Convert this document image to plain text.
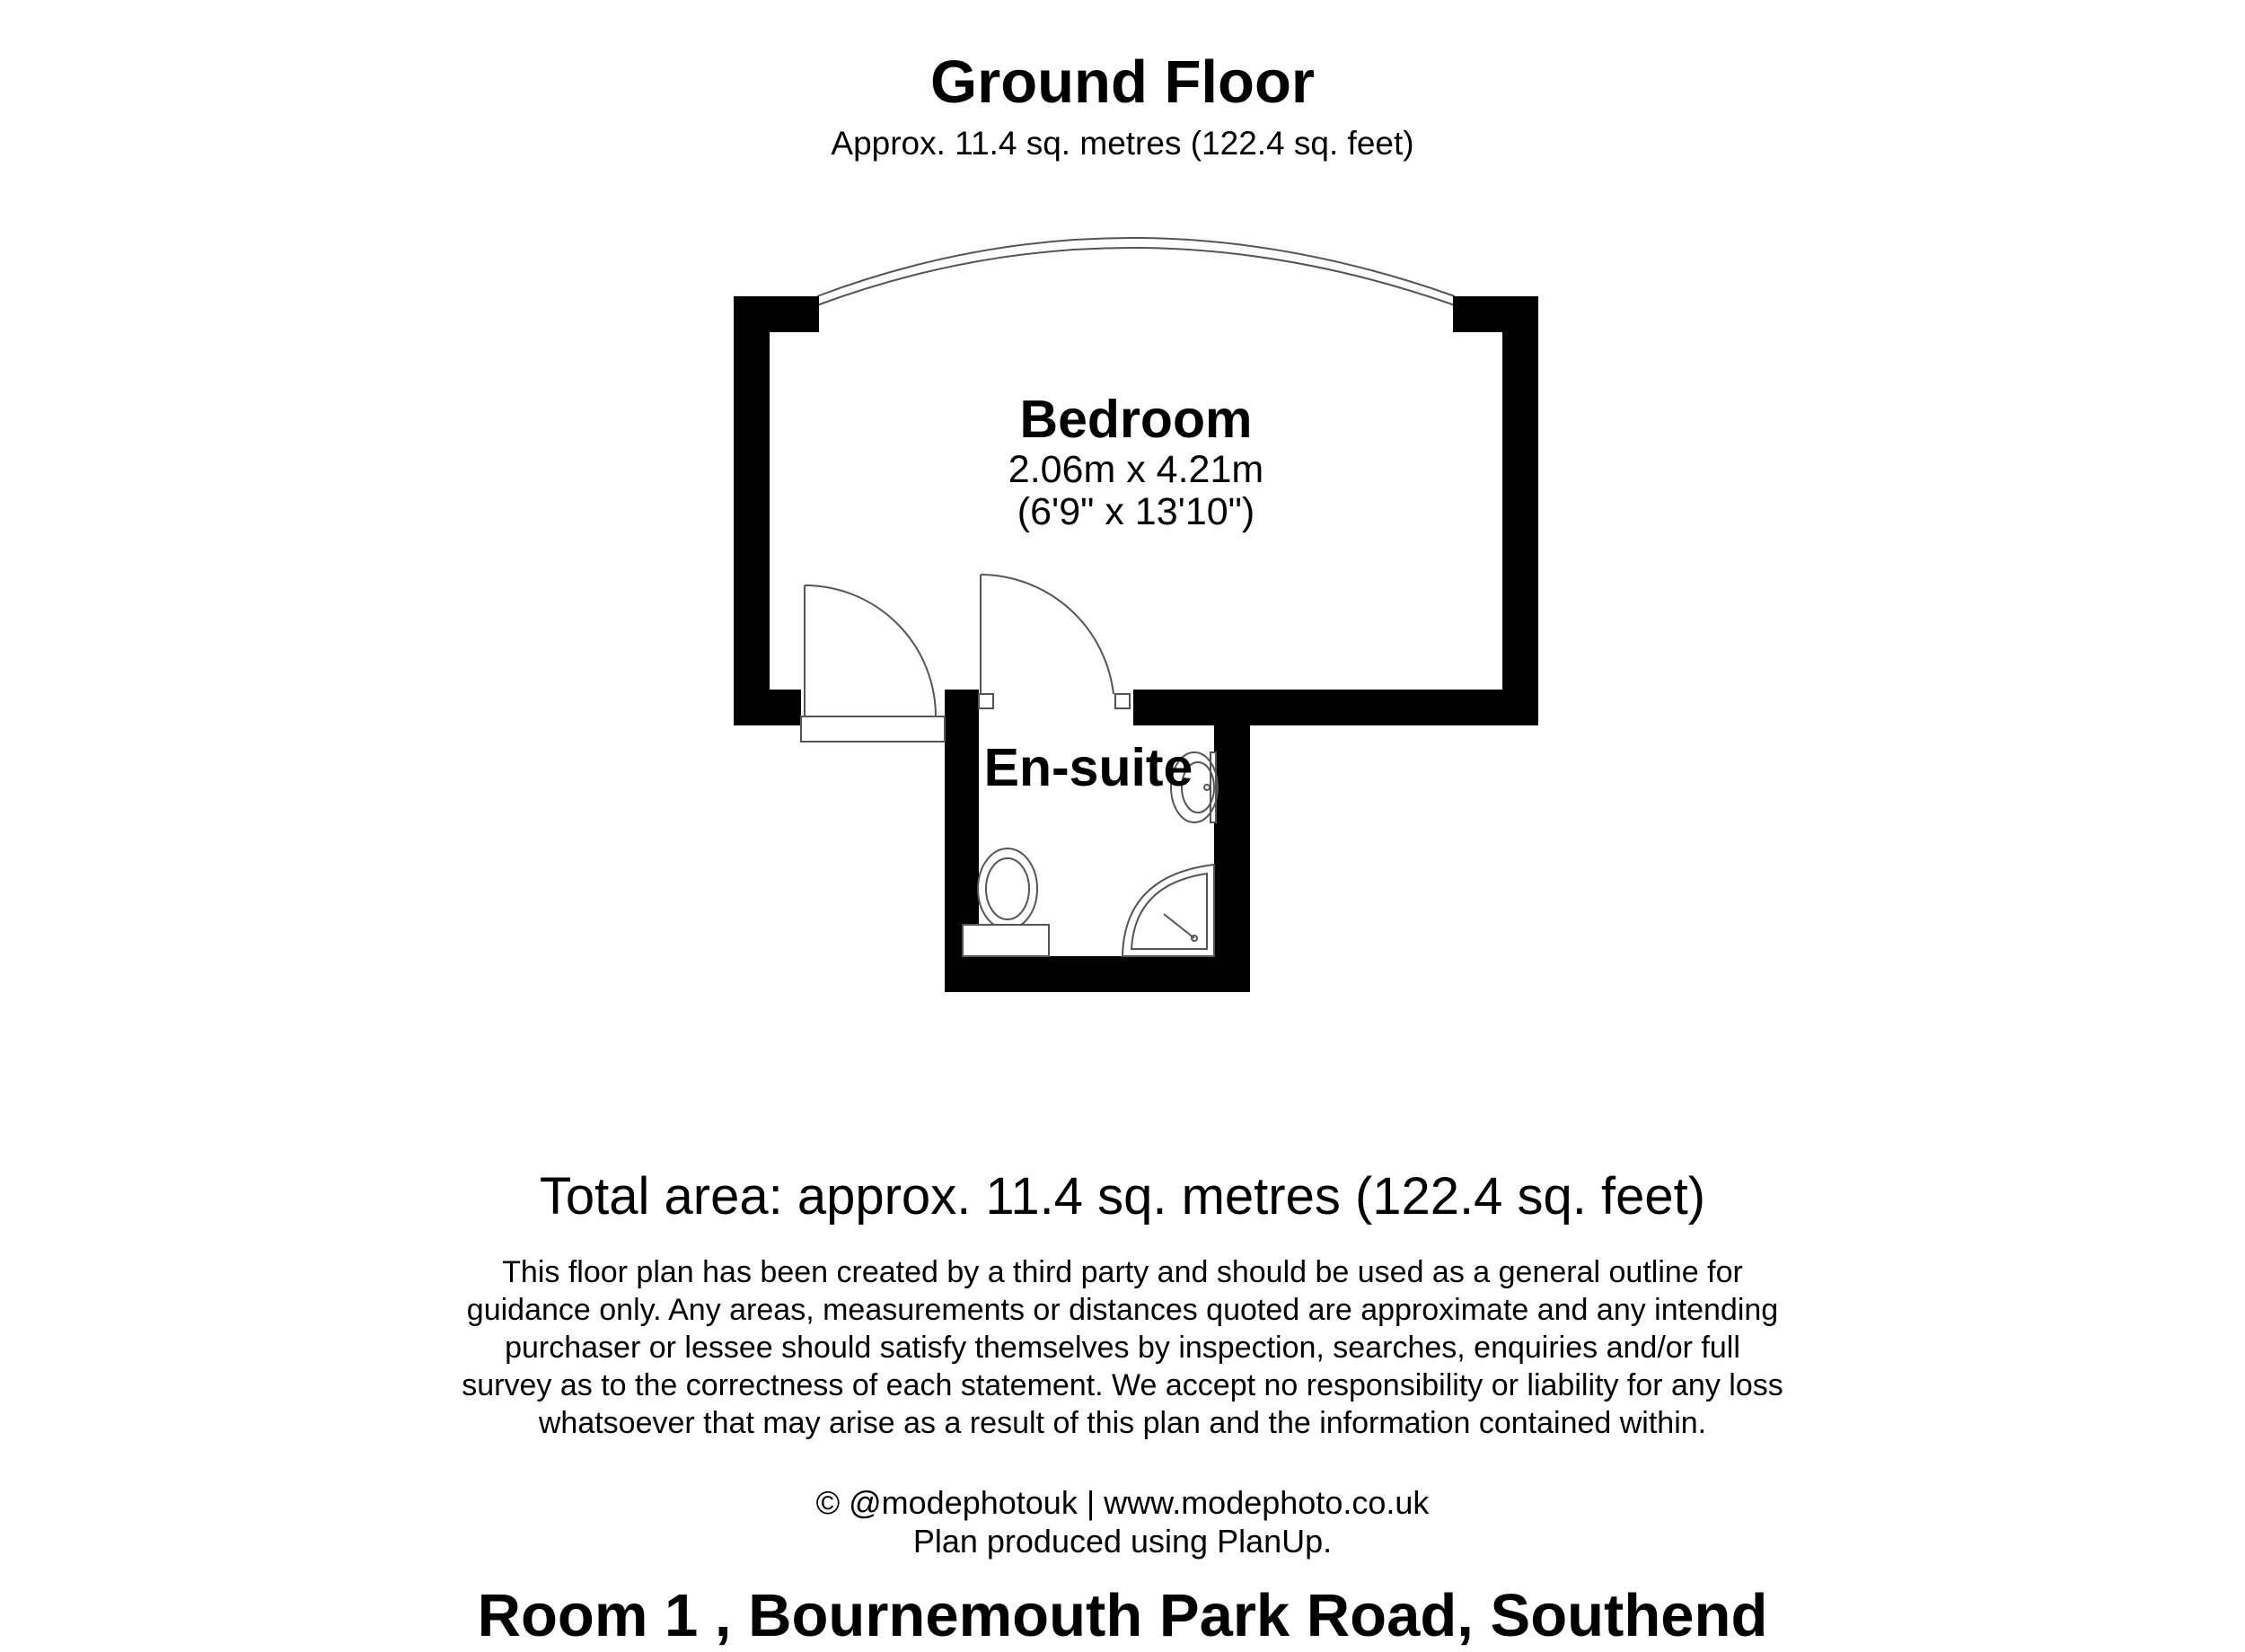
Ground Floor
Approx. 11.4 sq. metres (122.4 sq. feet)
Bedroom
2.06m x 4.21m
(6'9" x 13'10")
En-suite
Total area: approx. 11.4 sq. metres (122.4 sq. feet)
This floor plan has been created by a third party and should be used as a general outline for
guidance only. Any areas, measurements or distances quoted are approximate and any intending
purchaser or lessee should satisfy themselves by inspection, searches, enquiries and/or full
survey as to the correctness of each statement. We accept no responsibility or liability for any loss
whatsoever that may arise as a result of this plan and the information contained within.
© @modephotouk | www.modephoto.co.uk
Plan produced using PlanUp.
Room 1 , Bournemouth Park Road, Southend
